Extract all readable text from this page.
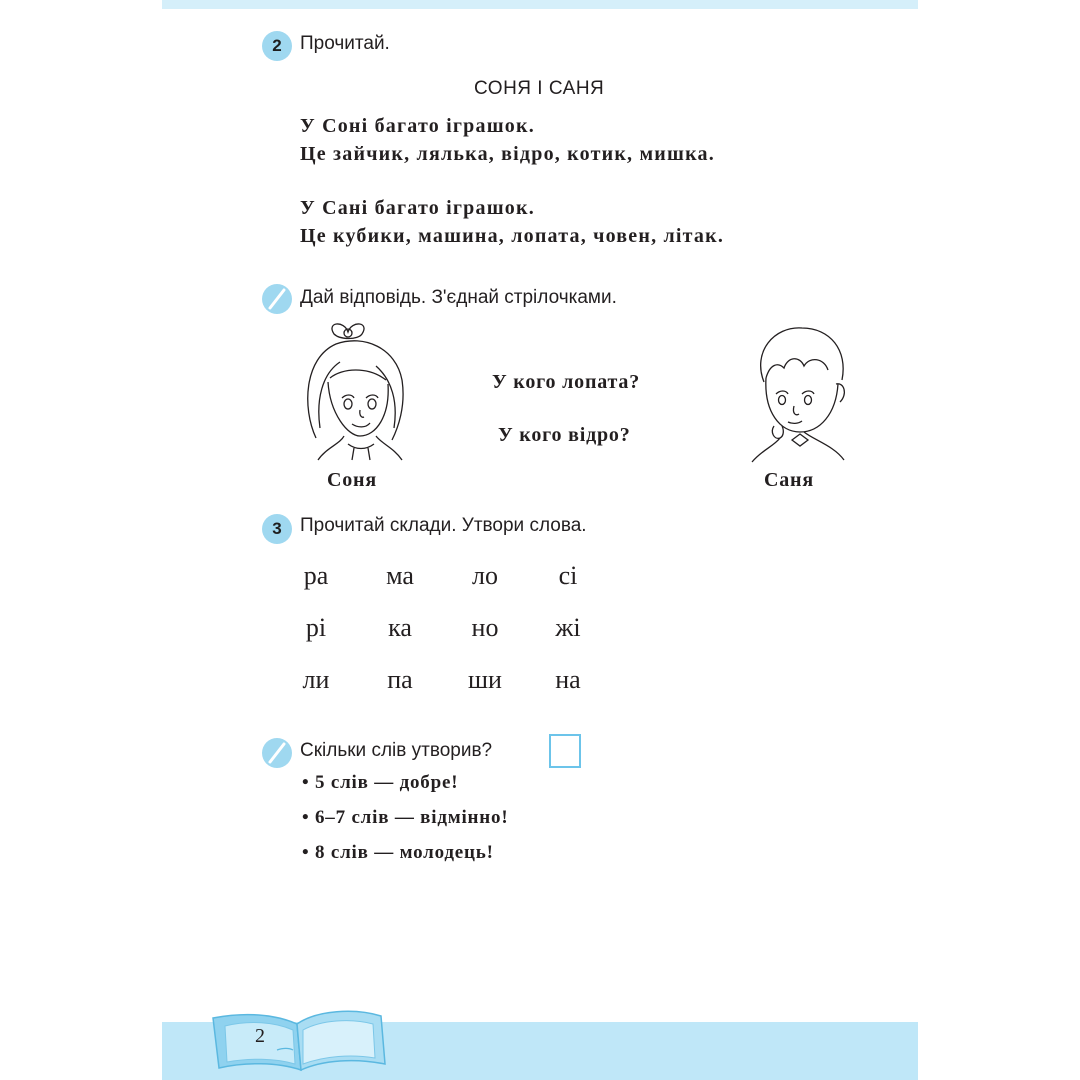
2 Прочитай.
СОНЯ І САНЯ
У Соні багато іграшок.
Це зайчик, лялька, відро, котик, мишка.
У Сані багато іграшок.
Це кубики, машина, лопата, човен, літак.
Дай відповідь. З'єднай стрілочками.
У кого лопата?
У кого відро?
Соня	Саня
3 Прочитай склади. Утвори слова.
ра	ма	ло	сі
рі	ка	но	жі
ли	па	ши	на
Скільки слів утворив?
• 5 слів — добре!
• 6–7 слів — відмінно!
• 8 слів — молодець!
2
